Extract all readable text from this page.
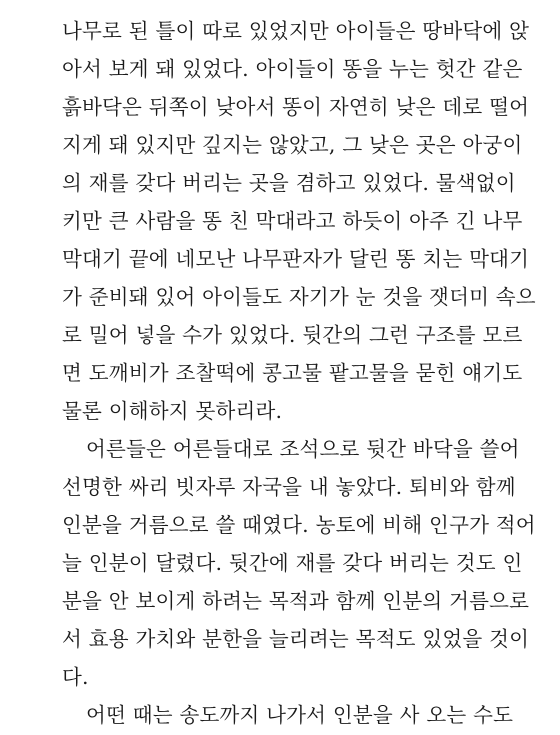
나무로 된 틀이 따로 있었지만 아이들은 땅바닥에 앉
아서 보게 돼 있었다. 아이들이 똥을 누는 헛간 같은
흙바닥은 뒤쪽이 낮아서 똥이 자연히 낮은 데로 떨어
지게 돼 있지만 깊지는 않았고, 그 낮은 곳은 아궁이
의 재를 갖다 버리는 곳을 겸하고 있었다. 물색없이
키만 큰 사람을 똥 친 막대라고 하듯이 아주 긴 나무
막대기 끝에 네모난 나무판자가 달린 똥 치는 막대기
가 준비돼 있어 아이들도 자기가 눈 것을 잿더미 속으
로 밀어 넣을 수가 있었다. 뒷간의 그런 구조를 모르
면 도깨비가 조찰떡에 콩고물 팥고물을 묻힌 얘기도
물론 이해하지 못하리라.
어른들은 어른들대로 조석으로 뒷간 바닥을 쓸어
선명한 싸리 빗자루 자국을 내 놓았다. 퇴비와 함께
인분을 거름으로 쓸 때였다. 농토에 비해 인구가 적어
늘 인분이 달렸다. 뒷간에 재를 갖다 버리는 것도 인
분을 안 보이게 하려는 목적과 함께 인분의 거름으로
서 효용 가치와 분한을 늘리려는 목적도 있었을 것이
다.
어떤 때는 송도까지 나가서 인분을 사 오는 수도
